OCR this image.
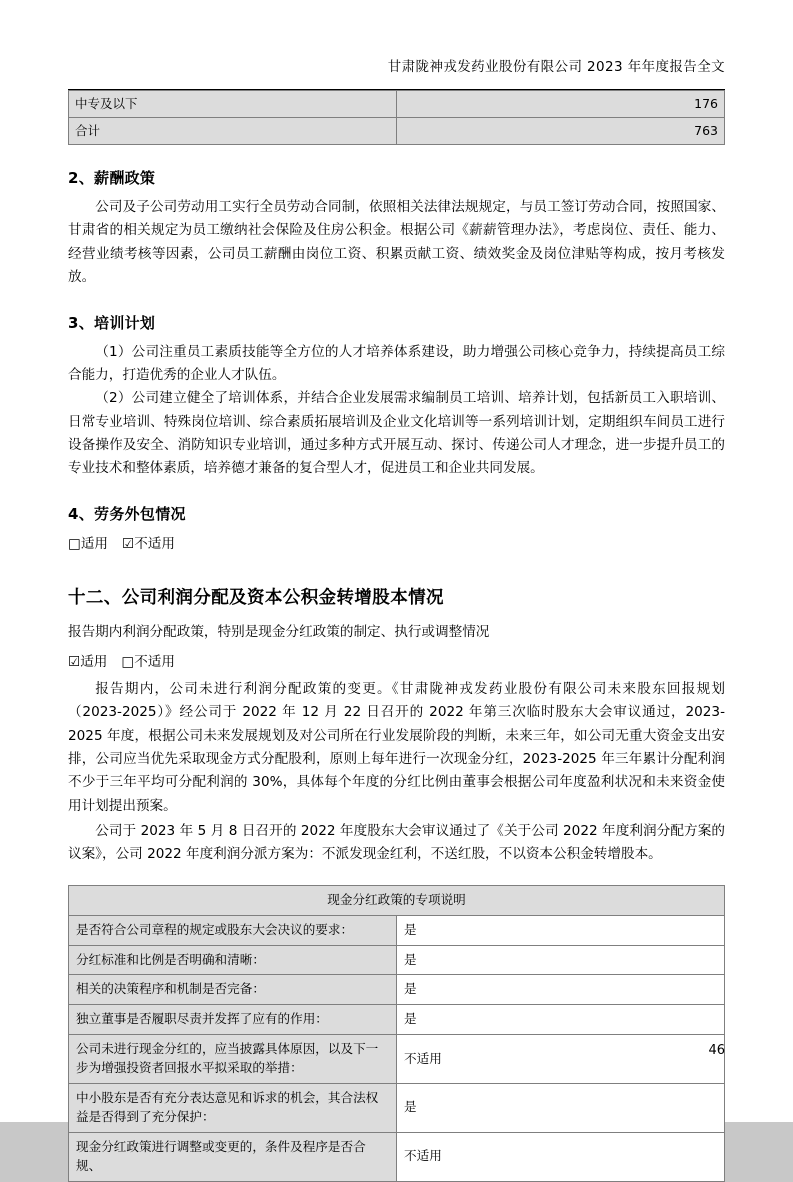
甘肃陇神戎发药业股份有限公司 2023 年年度报告全文
中专及以下	176
合计	763
2、薪酬政策

公司及子公司劳动用工实行全员劳动合同制，依照相关法律法规规定，与员工签订劳动合同，按照国家、甘肃省的相关规定为员工缴纳社会保险及住房公积金。根据公司《薪薪管理办法》，考虑岗位、责任、能力、经营业绩考核等因素，公司员工薪酬由岗位工资、积累贡献工资、绩效奖金及岗位津贴等构成，按月考核发放。

3、培训计划

（1）公司注重员工素质技能等全方位的人才培养体系建设，助力增强公司核心竞争力，持续提高员工综合能力，打造优秀的企业人才队伍。

（2）公司建立健全了培训体系，并结合企业发展需求编制员工培训、培养计划，包括新员工入职培训、日常专业培训、特殊岗位培训、综合素质拓展培训及企业文化培训等一系列培训计划，定期组织车间员工进行设备操作及安全、消防知识专业培训，通过多种方式开展互动、探讨、传递公司人才理念，进一步提升员工的专业技术和整体素质，培养德才兼备的复合型人才，促进员工和企业共同发展。

4、劳务外包情况
□适用 ☑不适用
十二、公司利润分配及资本公积金转增股本情况

报告期内利润分配政策，特别是现金分红政策的制定、执行或调整情况

☑适用 □不适用

报告期内，公司未进行利润分配政策的变更。《甘肃陇神戎发药业股份有限公司未来股东回报规划（2023-2025）》经公司于 2022 年 12 月 22 日召开的 2022 年第三次临时股东大会审议通过，2023-2025 年度，根据公司未来发展规划及对公司所在行业发展阶段的判断，未来三年，如公司无重大资金支出安排，公司应当优先采取现金方式分配股利，原则上每年进行一次现金分红，2023-2025 年三年累计分配利润不少于三年平均可分配利润的 30%，具体每个年度的分红比例由董事会根据公司年度盈利状况和未来资金使用计划提出预案。

公司于 2023 年 5 月 8 日召开的 2022 年度股东大会审议通过了《关于公司 2022 年度利润分配方案的议案》，公司 2022 年度利润分派方案为：不派发现金红利，不送红股，不以资本公积金转增股本。

现金分红政策的专项说明	
是否符合公司章程的规定或股东大会决议的要求：	是
分红标准和比例是否明确和清晰：	是
相关的决策程序和机制是否完备：	是
独立董事是否履职尽责并发挥了应有的作用：	是
公司未进行现金分红的，应当披露具体原因，以及下一步为增强投资者回报水平拟采取的举措：	不适用
中小股东是否有充分表达意见和诉求的机会，其合法权益是否得到了充分保护：	是
现金分红政策进行调整或变更的，条件及程序是否合规、	不适用
46
